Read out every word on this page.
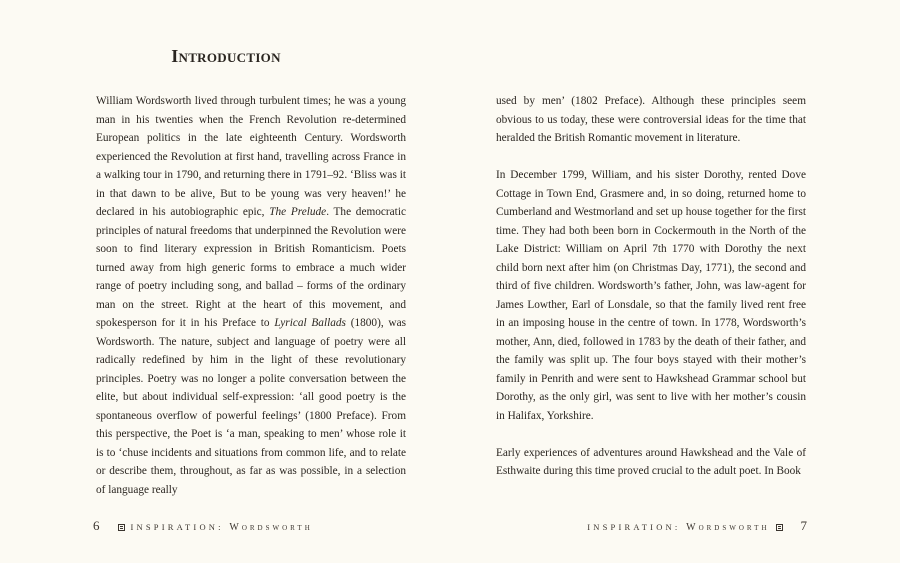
Introduction

William Wordsworth lived through turbulent times; he was a young man in his twenties when the French Revolution re-determined European politics in the late eighteenth Century. Wordsworth experienced the Revolution at first hand, travelling across France in a walking tour in 1790, and returning there in 1791–92. ‘Bliss was it in that dawn to be alive, But to be young was very heaven!’ he declared in his autobiographic epic, The Prelude. The democratic principles of natural freedoms that underpinned the Revolution were soon to find literary expression in British Romanticism. Poets turned away from high generic forms to embrace a much wider range of poetry including song, and ballad – forms of the ordinary man on the street. Right at the heart of this movement, and spokesperson for it in his Preface to Lyrical Ballads (1800), was Wordsworth. The nature, subject and language of poetry were all radically redefined by him in the light of these revolutionary principles. Poetry was no longer a polite conversation between the elite, but about individual self-expression: ‘all good poetry is the spontaneous overflow of powerful feelings’ (1800 Preface). From this perspective, the Poet is ‘a man, speaking to men’ whose role it is to ‘chuse incidents and situations from common life, and to relate or describe them, throughout, as far as was possible, in a selection of language really

6	INSPIRATION: Wordsworth

used by men’ (1802 Preface). Although these principles seem obvious to us today, these were controversial ideas for the time that heralded the British Romantic movement in literature.

In December 1799, William, and his sister Dorothy, rented Dove Cottage in Town End, Grasmere and, in so doing, returned home to Cumberland and Westmorland and set up house together for the first time. They had both been born in Cockermouth in the North of the Lake District: William on April 7th 1770 with Dorothy the next child born next after him (on Christmas Day, 1771), the second and third of five children. Wordsworth’s father, John, was law-agent for James Lowther, Earl of Lonsdale, so that the family lived rent free in an imposing house in the centre of town. In 1778, Wordsworth’s mother, Ann, died, followed in 1783 by the death of their father, and the family was split up. The four boys stayed with their mother’s family in Penrith and were sent to Hawkshead Grammar school but Dorothy, as the only girl, was sent to live with her mother’s cousin in Halifax, Yorkshire.

Early experiences of adventures around Hawkshead and the Vale of Esthwaite during this time proved crucial to the adult poet. In Book

INSPIRATION: Wordsworth 7
